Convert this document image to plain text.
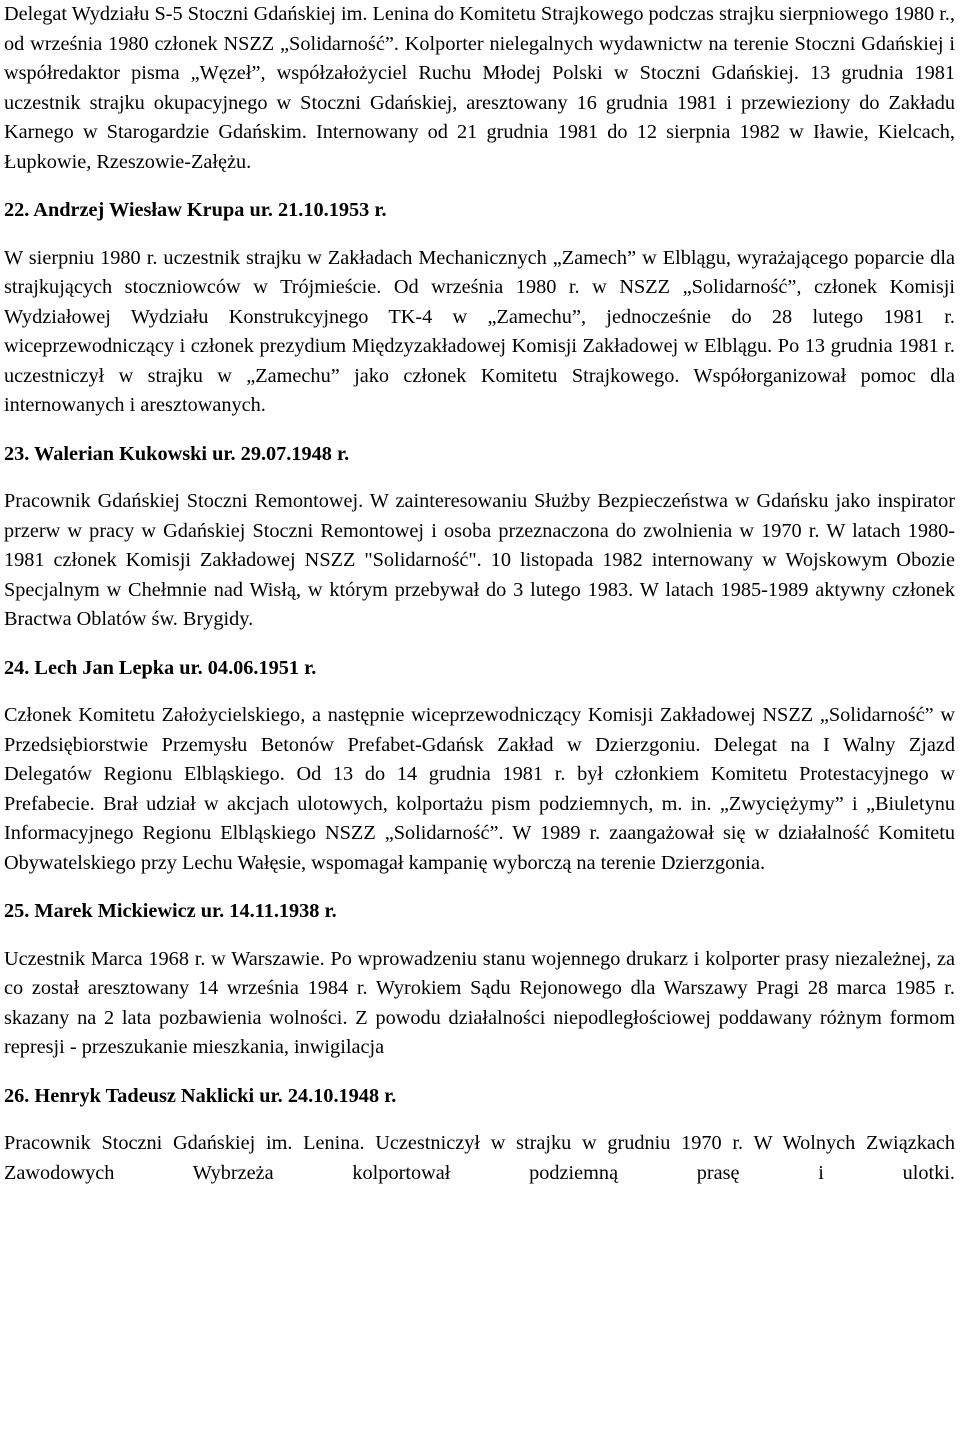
Delegat Wydziału S-5 Stoczni Gdańskiej im. Lenina do Komitetu Strajkowego podczas strajku sierpniowego 1980 r., od września 1980 członek NSZZ „Solidarność”. Kolporter nielegalnych wydawnictw na terenie Stoczni Gdańskiej i współredaktor pisma „Węzeł”, współzałożyciel Ruchu Młodej Polski w Stoczni Gdańskiej. 13 grudnia 1981 uczestnik strajku okupacyjnego w Stoczni Gdańskiej, aresztowany 16 grudnia 1981 i przewieziony do Zakładu Karnego w Starogardzie Gdańskim. Internowany od 21 grudnia 1981 do 12 sierpnia 1982 w Iławie, Kielcach, Łupkowie, Rzeszowie-Załężu.

22. Andrzej Wiesław Krupa ur. 21.10.1953 r.

W sierpniu 1980 r. uczestnik strajku w Zakładach Mechanicznych „Zamech” w Elblągu, wyrażającego poparcie dla strajkujących stoczniowców w Trójmieście. Od września 1980 r. w NSZZ „Solidarność”, członek Komisji Wydziałowej Wydziału Konstrukcyjnego TK-4 w „Zamechu”, jednocześnie do 28 lutego 1981 r. wiceprzewodniczący i członek prezydium Międzyzakładowej Komisji Zakładowej w Elblągu. Po 13 grudnia 1981 r. uczestniczył w strajku w „Zamechu” jako członek Komitetu Strajkowego. Współorganizował pomoc dla internowanych i aresztowanych.

23. Walerian Kukowski ur. 29.07.1948 r.

Pracownik Gdańskiej Stoczni Remontowej. W zainteresowaniu Służby Bezpieczeństwa w Gdańsku jako inspirator przerw w pracy w Gdańskiej Stoczni Remontowej i osoba przeznaczona do zwolnienia w 1970 r. W latach 1980-1981 członek Komisji Zakładowej NSZZ "Solidarność". 10 listopada 1982 internowany w Wojskowym Obozie Specjalnym w Chełmnie nad Wisłą, w którym przebywał do 3 lutego 1983. W latach 1985-1989 aktywny członek Bractwa Oblatów św. Brygidy.

24. Lech Jan Lepka ur. 04.06.1951 r.

Członek Komitetu Założycielskiego, a następnie wiceprzewodniczący Komisji Zakładowej NSZZ „Solidarność” w Przedsiębiorstwie Przemysłu Betonów Prefabet-Gdańsk Zakład w Dzierzgoniu. Delegat na I Walny Zjazd Delegatów Regionu Elbląskiego. Od 13 do 14 grudnia 1981 r. był członkiem Komitetu Protestacyjnego w Prefabecie. Brał udział w akcjach ulotowych, kolportażu pism podziemnych, m. in. „Zwyciężymy” i „Biuletynu Informacyjnego Regionu Elbląskiego NSZZ „Solidarność”. W 1989 r. zaangażował się w działalność Komitetu Obywatelskiego przy Lechu Wałęsie, wspomagał kampanię wyborczą na terenie Dzierzgonia.

25. Marek Mickiewicz ur. 14.11.1938 r.

Uczestnik Marca 1968 r. w Warszawie. Po wprowadzeniu stanu wojennego drukarz i kolporter prasy niezależnej, za co został aresztowany 14 września 1984 r. Wyrokiem Sądu Rejonowego dla Warszawy Pragi 28 marca 1985 r. skazany na 2 lata pozbawienia wolności. Z powodu działalności niepodległościowej poddawany różnym formom represji - przeszukanie mieszkania, inwigilacja

26. Henryk Tadeusz Naklicki ur. 24.10.1948 r.

Pracownik Stoczni Gdańskiej im. Lenina. Uczestniczył w strajku w grudniu 1970 r. W Wolnych Związkach Zawodowych Wybrzeża kolportował podziemną prasę i ulotki.
